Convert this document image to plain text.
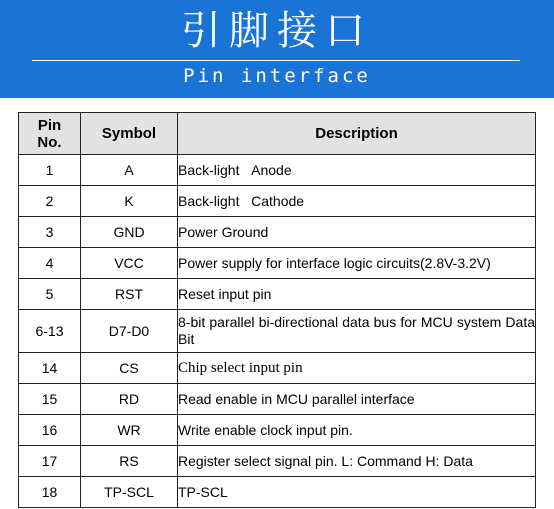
引脚接口
Pin interface
Pin
No.	Symbol	Description
1	A	Back-light   Anode
2	K	Back-light   Cathode
3	GND	Power Ground
4	VCC	Power supply for interface logic circuits(2.8V-3.2V)
5	RST	Reset input pin
6-13	D7-D0	8-bit parallel bi-directional data bus for MCU system Data Bit
14	CS	Chip select input pin
15	RD	Read enable in MCU parallel interface
16	WR	Write enable clock input pin.
17	RS	Register select signal pin. L: Command H: Data
18	TP-SCL	TP-SCL
